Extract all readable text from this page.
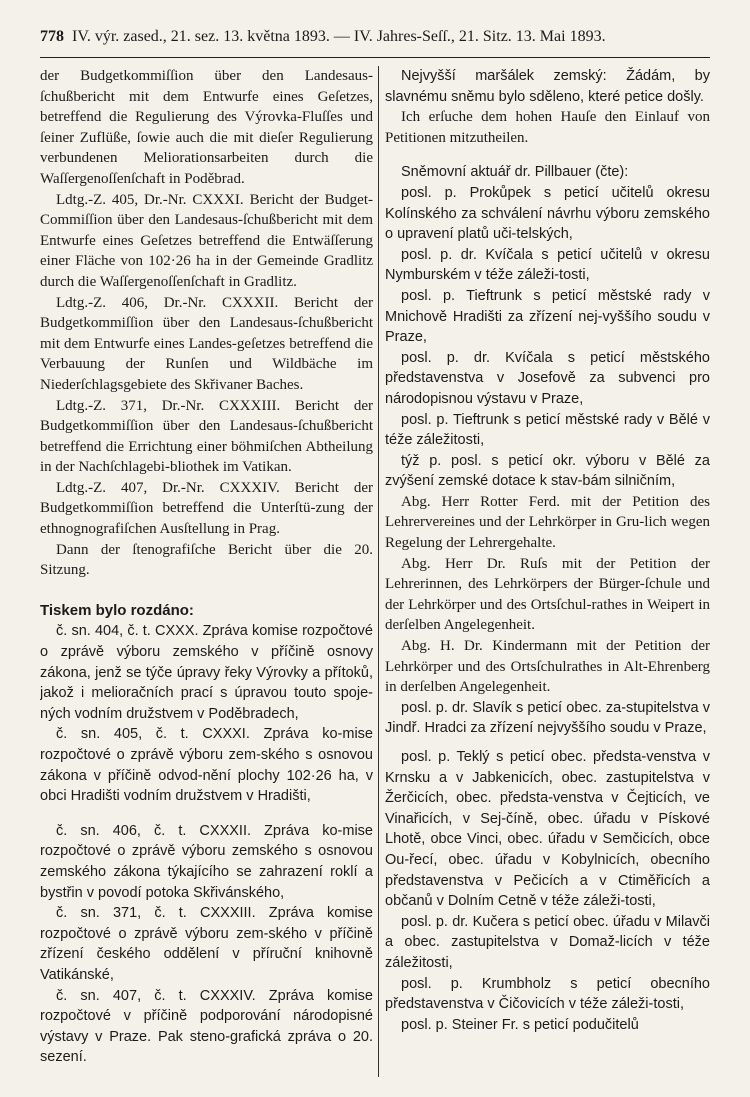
778 IV. výr. zased., 21. sez. 13. května 1893. — IV. Jahres-Seſſ., 21. Sitz. 13. Mai 1893.

der Budgetkommiſſion über den Landesaus-ſchußbericht mit dem Entwurfe eines Geſetzes, betreffend die Regulierung des Výrovka-Fluſſes und ſeiner Zuflüße, ſowie auch die mit dieſer Regulierung verbundenen Meliorationsarbeiten durch die Waſſergenoſſenſchaft in Poděbrad.

Ldtg.-Z. 405, Dr.-Nr. CXXXI. Bericht der Budget-Commiſſion über den Landesaus-ſchußbericht mit dem Entwurfe eines Geſetzes betreffend die Entwäſſerung einer Fläche von 102·26 ha in der Gemeinde Gradlitz durch die Waſſergenoſſenſchaft in Gradlitz.

Ldtg.-Z. 406, Dr.-Nr. CXXXII. Bericht der Budgetkommiſſion über den Landesaus-ſchußbericht mit dem Entwurfe eines Landes-geſetzes betreffend die Verbauung der Runſen und Wildbäche im Niederſchlagsgebiete des Skřivaner Baches.

Ldtg.-Z. 371, Dr.-Nr. CXXXIII. Bericht der Budgetkommiſſion über den Landesaus-ſchußbericht betreffend die Errichtung einer böhmiſchen Abtheilung in der Nachſchlagebi-bliothek im Vatikan.

Ldtg.-Z. 407, Dr.-Nr. CXXXIV. Bericht der Budgetkommiſſion betreffend die Unterſtü-zung der ethnognografiſchen Ausſtellung in Prag.

Dann der ſtenografiſche Bericht über die 20. Sitzung.

Tiskem bylo rozdáno:

č. sn. 404, č. t. CXXX. Zpráva komise rozpočtové o zprávě výboru zemského v příčině osnovy zákona, jenž se týče úpravy řeky Výrovky a přítoků, jakož i melioračních prací s úpravou touto spoje-ných vodním družstvem v Poděbradech,

č. sn. 405, č. t. CXXXI. Zpráva ko-mise rozpočtové o zprávě výboru zem-ského s osnovou zákona v příčině odvod-nění plochy 102·26 ha, v obci Hradišti vodním družstvem v Hradišti,

č. sn. 406, č. t. CXXXII. Zpráva ko-mise rozpočtové o zprávě výboru zemského s osnovou zemského zákona týkajícího se zahrazení roklí a bystřin v povodí potoka Skřivánského,

č. sn. 371, č. t. CXXXIII. Zpráva komise rozpočtové o zprávě výboru zem-ského v příčině zřízení českého oddělení v příruční knihovně Vatikánské,

č. sn. 407, č. t. CXXXIV. Zpráva komise rozpočtové v příčině podporování národopisné výstavy v Praze. Pak steno-grafická zpráva o 20. sezení.

Nejvyšší maršálek zemský: Žádám, by slavnému sněmu bylo sděleno, které petice došly.

Ich erſuche dem hohen Hauſe den Einlauf von Petitionen mitzutheilen.

Sněmovní aktuář dr. Pillbauer (čte):

posl. p. Prokůpek s peticí učitelů okresu Kolínského za schválení návrhu výboru zemského o upravení platů uči-telských,

posl. p. dr. Kvíčala s peticí učitelů v okresu Nymburském v téže záleži-tosti,

posl. p. Tieftrunk s peticí městské rady v Mnichově Hradišti za zřízení nej-vyššího soudu v Praze,

posl. p. dr. Kvíčala s peticí městského představenstva v Josefově za subvenci pro národopisnou výstavu v Praze,

posl. p. Tieftrunk s peticí městské rady v Bělé v téže záležitosti,

týž p. posl. s peticí okr. výboru v Bělé za zvýšení zemské dotace k stav-bám silničním,

Abg. Herr Rotter Ferd. mit der Petition des Lehrervereines und der Lehrkörper in Gru-lich wegen Regelung der Lehrergehalte.

Abg. Herr Dr. Ruſs mit der Petition der Lehrerinnen, des Lehrkörpers der Bürger-ſchule und der Lehrkörper und des Ortsſchul-rathes in Weipert in derſelben Angelegenheit.

Abg. H. Dr. Kindermann mit der Petition der Lehrkörper und des Ortsſchulrathes in Alt-Ehrenberg in derſelben Angelegenheit.

posl. p. dr. Slavík s peticí obec. za-stupitelstva v Jindř. Hradci za zřízení nejvyššího soudu v Praze,

posl. p. Teklý s peticí obec. předsta-venstva v Krnsku a v Jabkenicích, obec. zastupitelstva v Žerčicích, obec. předsta-venstva v Čejticích, ve Vinařicích, v Sej-číně, obec. úřadu v Pískové Lhotě, obce Vinci, obec. úřadu v Semčicích, obce Ou-řecí, obec. úřadu v Kobylnicích, obecního představenstva v Pečicích a v Ctiměřicích a občanů v Dolním Cetně v téže záleži-tosti,

posl. p. dr. Kučera s peticí obec. úřadu v Milavči a obec. zastupitelstva v Domaž-licích v téže záležitosti,

posl. p. Krumbholz s peticí obecního představenstva v Čičovicích v téže záleži-tosti,

posl. p. Steiner Fr. s peticí podučitelů
